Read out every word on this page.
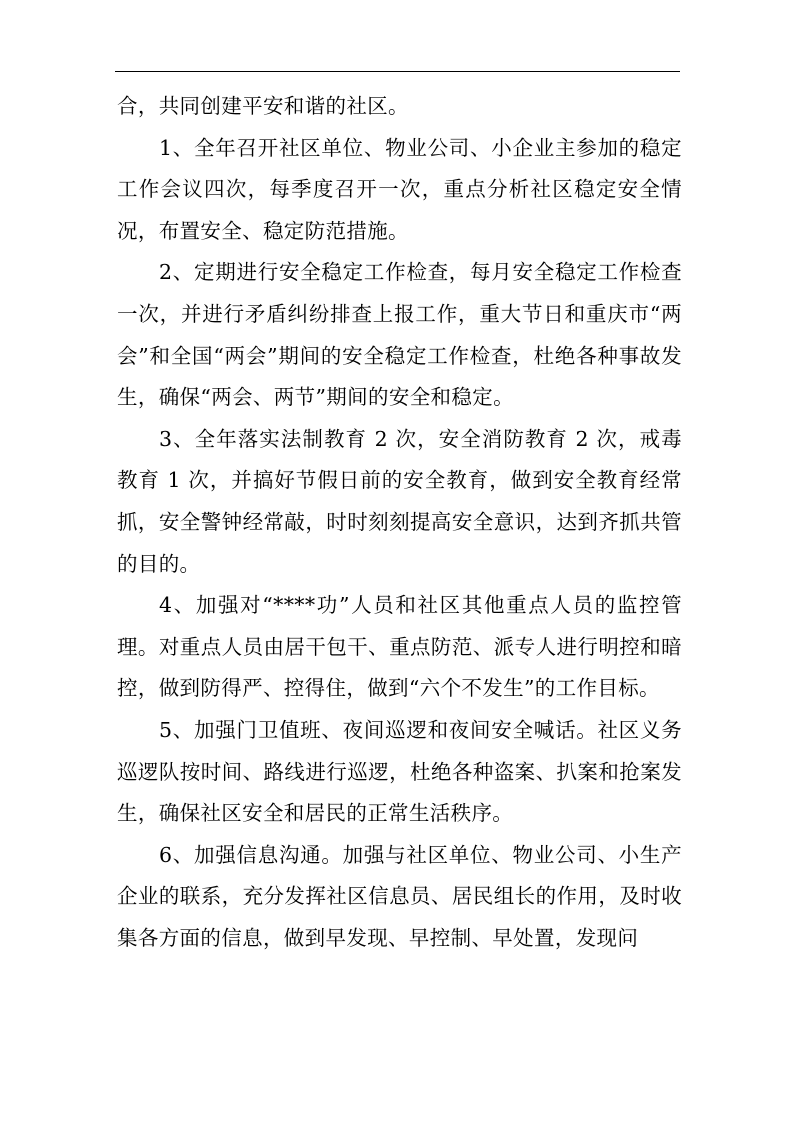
合，共同创建平安和谐的社区。

1、全年召开社区单位、物业公司、小企业主参加的稳定工作会议四次，每季度召开一次，重点分析社区稳定安全情况，布置安全、稳定防范措施。

2、定期进行安全稳定工作检查，每月安全稳定工作检查一次，并进行矛盾纠纷排查上报工作，重大节日和重庆市“两会”和全国“两会”期间的安全稳定工作检查，杜绝各种事故发生，确保“两会、两节”期间的安全和稳定。

3、全年落实法制教育 2 次，安全消防教育 2 次，戒毒教育 1 次，并搞好节假日前的安全教育，做到安全教育经常抓，安全警钟经常敲，时时刻刻提高安全意识，达到齐抓共管的目的。

4、加强对“****功”人员和社区其他重点人员的监控管理。对重点人员由居干包干、重点防范、派专人进行明控和暗控，做到防得严、控得住，做到“六个不发生”的工作目标。

5、加强门卫值班、夜间巡逻和夜间安全喊话。社区义务巡逻队按时间、路线进行巡逻，杜绝各种盗案、扒案和抢案发生，确保社区安全和居民的正常生活秩序。

6、加强信息沟通。加强与社区单位、物业公司、小生产企业的联系，充分发挥社区信息员、居民组长的作用，及时收集各方面的信息，做到早发现、早控制、早处置，发现问
